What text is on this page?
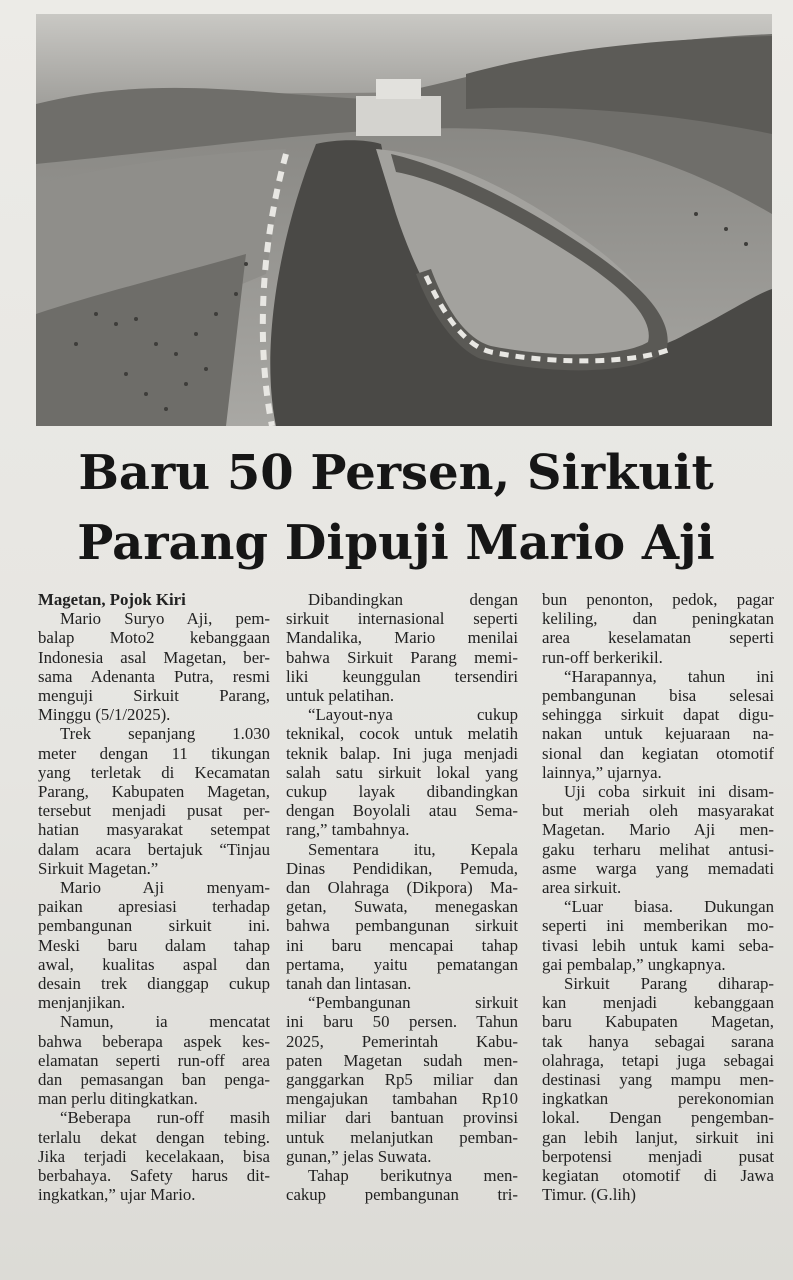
Baru 50 Persen, Sirkuit
Parang Dipuji Mario Aji
Magetan, Pojok Kiri
Mario Suryo Aji, pem-
balap Moto2 kebanggaan
Indonesia asal Magetan, ber-
sama Adenanta Putra, resmi
menguji Sirkuit Parang,
Minggu (5/1/2025).
Trek sepanjang 1.030
meter dengan 11 tikungan
yang terletak di Kecamatan
Parang, Kabupaten Magetan,
tersebut menjadi pusat per-
hatian masyarakat setempat
dalam acara bertajuk “Tinjau
Sirkuit Magetan.”
Mario Aji menyam-
paikan apresiasi terhadap
pembangunan sirkuit ini.
Meski baru dalam tahap
awal, kualitas aspal dan
desain trek dianggap cukup
menjanjikan.
Namun, ia mencatat
bahwa beberapa aspek kes-
elamatan seperti run-off area
dan pemasangan ban pengа-
man perlu ditingkatkan.
“Beberapa run-off masih
terlalu dekat dengan tebing.
Jika terjadi kecelakaan, bisa
berbahaya. Safety harus dit-
ingkatkan,” ujar Mario.
Dibandingkan dengan
sirkuit internasional seperti
Mandalika, Mario menilai
bahwa Sirkuit Parang memi-
liki keunggulan tersendiri
untuk pelatihan.
“Layout-nya cukup
teknikal, cocok untuk melatih
teknik balap. Ini juga menjadi
salah satu sirkuit lokal yang
cukup layak dibandingkan
dengan Boyolali atau Sema-
rang,” tambahnya.
Sementara itu, Kepala
Dinas Pendidikan, Pemuda,
dan Olahraga (Dikpora) Ma-
getan, Suwata, menegaskan
bahwa pembangunan sirkuit
ini baru mencapai tahap
pertama, yaitu pematangan
tanah dan lintasan.
“Pembangunan sirkuit
ini baru 50 persen. Tahun
2025, Pemerintah Kabu-
paten Magetan sudah men-
ganggarkan Rp5 miliar dan
mengajukan tambahan Rp10
miliar dari bantuan provinsi
untuk melanjutkan pemban-
gunan,” jelas Suwata.
Tahap berikutnya men-
cakup pembangunan tri-
bun penonton, pedok, pagar
keliling, dan peningkatan
area keselamatan seperti
run-off berkerikil.
“Harapannya, tahun ini
pembangunan bisa selesai
sehingga sirkuit dapat digu-
nakan untuk kejuaraan na-
sional dan kegiatan otomotif
lainnya,” ujarnya.
Uji coba sirkuit ini disam-
but meriah oleh masyarakat
Magetan. Mario Aji men-
gaku terharu melihat antusi-
asme warga yang memadati
area sirkuit.
“Luar biasa. Dukungan
seperti ini memberikan mo-
tivasi lebih untuk kami seba-
gai pembalap,” ungkapnya.
Sirkuit Parang diharap-
kan menjadi kebanggaan
baru Kabupaten Magetan,
tak hanya sebagai sarana
olahraga, tetapi juga sebagai
destinasi yang mampu men-
ingkatkan perekonomian
lokal. Dengan pengemban-
gan lebih lanjut, sirkuit ini
berpotensi menjadi pusat
kegiatan otomotif di Jawa
Timur. (G.lih)
